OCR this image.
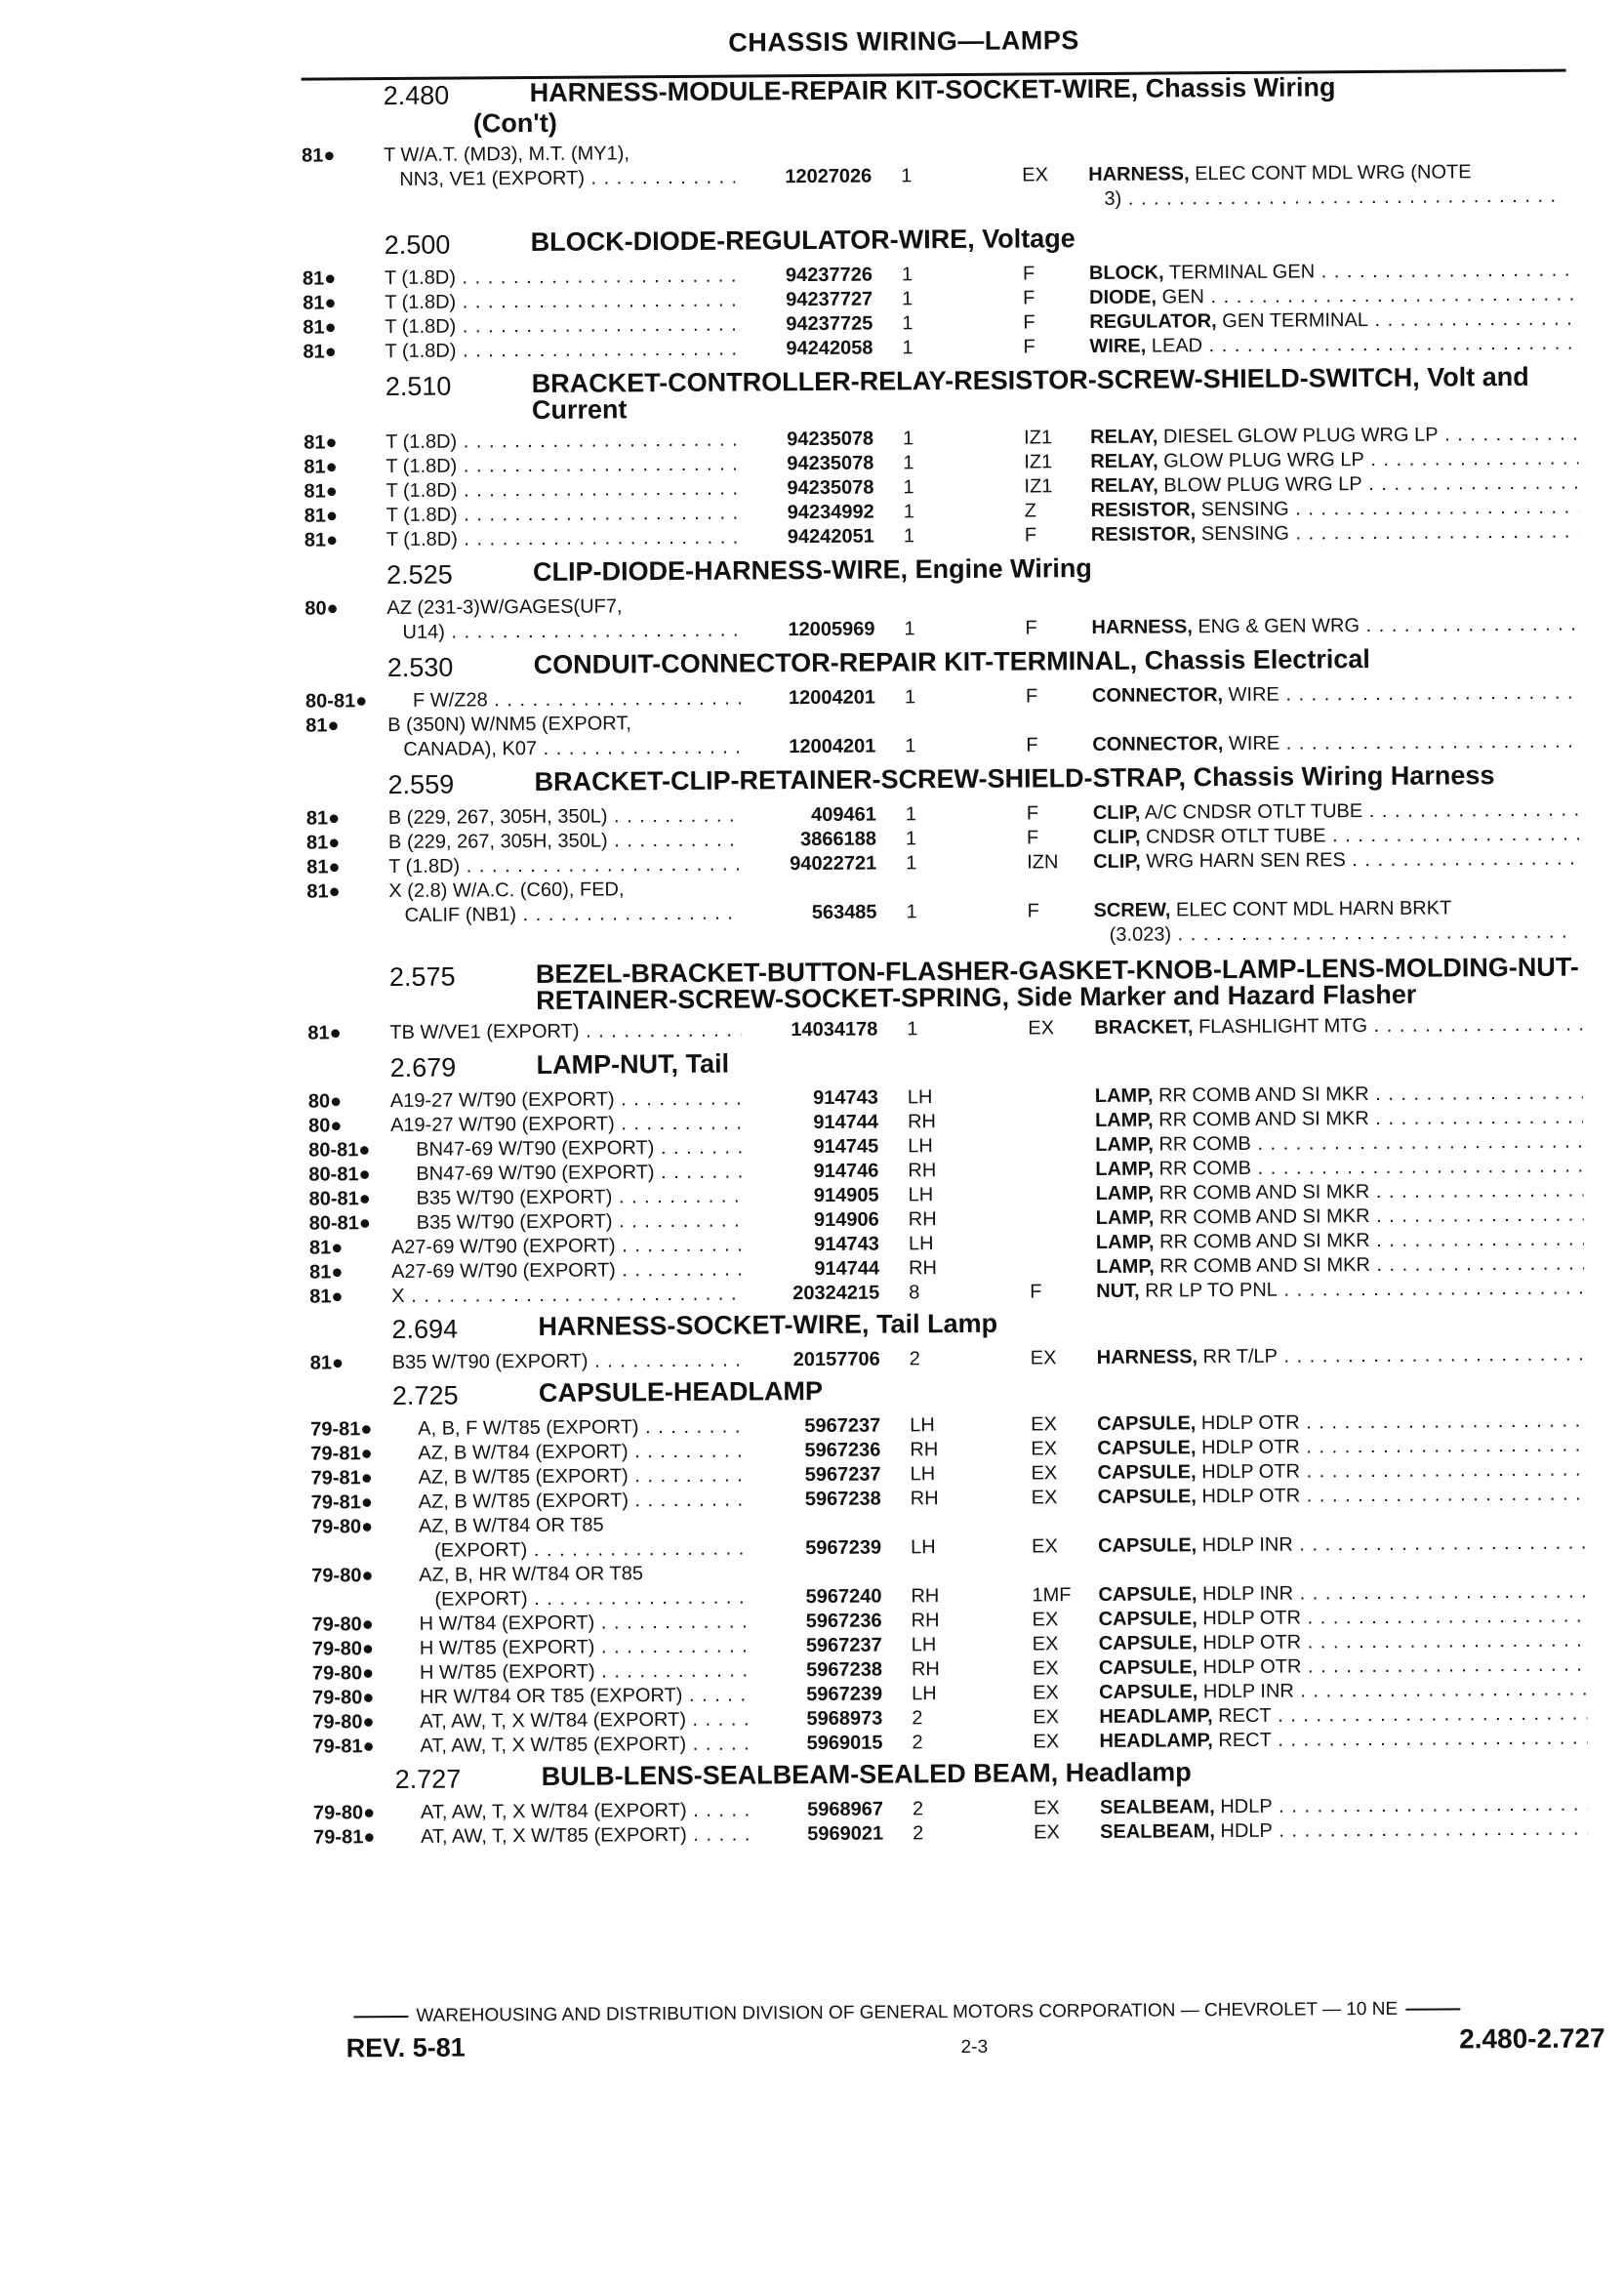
CHASSIS WIRING—LAMPS
2.480	HARNESS-MODULE-REPAIR KIT-SOCKET-WIRE, Chassis Wiring
(Con't)
81● T W/A.T. (MD3), M.T. (MY1),
NN3, VE1 (EXPORT) . . .	12027026 1	EX HARNESS, ELEC CONT MDL WRG (NOTE
3) . . .
2.500	BLOCK-DIODE-REGULATOR-WIRE, Voltage
81● T (1.8D) . . .	94237726 1	F	BLOCK, TERMINAL GEN . . .
81● T (1.8D) . . .	94237727 1	F	DIODE, GEN . . .
81● T (1.8D) . . .	94237725 1	F	REGULATOR, GEN TERMINAL . . .
81● T (1.8D) . . .	94242058 1	F	WIRE, LEAD . . .
2.510	BRACKET-CONTROLLER-RELAY-RESISTOR-SCREW-SHIELD-SWITCH, Volt and Current
81● T (1.8D) . . .	94235078 1	IZ1 RELAY, DIESEL GLOW PLUG WRG LP . . .
81● T (1.8D) . . .	94235078 1	IZ1 RELAY, GLOW PLUG WRG LP . . .
81● T (1.8D) . . .	94235078 1	IZ1 RELAY, BLOW PLUG WRG LP . . .
81● T (1.8D) . . .	94234992 1	Z	RESISTOR, SENSING . . .
81● T (1.8D) . . .	94242051 1	F	RESISTOR, SENSING . . .
2.525	CLIP-DIODE-HARNESS-WIRE, Engine Wiring
80● AZ (231-3)W/GAGES(UF7,
U14) . . .	12005969 1	F	HARNESS, ENG & GEN WRG . . .
2.530	CONDUIT-CONNECTOR-REPAIR KIT-TERMINAL, Chassis Electrical
80-81● F W/Z28 . . .	12004201 1	F	CONNECTOR, WIRE . . .
81● B (350N) W/NM5 (EXPORT,
CANADA), K07 . . .	12004201 1	F	CONNECTOR, WIRE . . .
2.559	BRACKET-CLIP-RETAINER-SCREW-SHIELD-STRAP, Chassis Wiring Harness
81● B (229, 267, 305H, 350L) . . .	409461 1	F	CLIP, A/C CNDSR OTLT TUBE . . .
81● B (229, 267, 305H, 350L) . . .	3866188 1	F	CLIP, CNDSR OTLT TUBE . . .
81● T (1.8D) . . .	94022721 1	IZN CLIP, WRG HARN SEN RES . . .
81● X (2.8) W/A.C. (C60), FED,
CALIF (NB1) . . .	563485 1	F	SCREW, ELEC CONT MDL HARN BRKT
(3.023) . . .
2.575	BEZEL-BRACKET-BUTTON-FLASHER-GASKET-KNOB-LAMP-LENS-MOLDING-NUT-RETAINER-SCREW-SOCKET-SPRING, Side Marker and Hazard Flasher
81● TB W/VE1 (EXPORT) . . .	14034178 1	EX BRACKET, FLASHLIGHT MTG . . .
2.679	LAMP-NUT, Tail
80● A19-27 W/T90 (EXPORT) . . .	914743 LH	LAMP, RR COMB AND SI MKR . . .
80● A19-27 W/T90 (EXPORT) . . .	914744 RH	LAMP, RR COMB AND SI MKR . . .
80-81● BN47-69 W/T90 (EXPORT) . . .	914745 LH	LAMP, RR COMB . . .
80-81● BN47-69 W/T90 (EXPORT) . . .	914746 RH	LAMP, RR COMB . . .
80-81● B35 W/T90 (EXPORT) . . .	914905 LH	LAMP, RR COMB AND SI MKR . . .
80-81● B35 W/T90 (EXPORT) . . .	914906 RH	LAMP, RR COMB AND SI MKR . . .
81● A27-69 W/T90 (EXPORT) . . .	914743 LH	LAMP, RR COMB AND SI MKR . . .
81● A27-69 W/T90 (EXPORT) . . .	914744 RH	LAMP, RR COMB AND SI MKR . . .
81● X . . .	20324215 8	F	NUT, RR LP TO PNL . . .
2.694	HARNESS-SOCKET-WIRE, Tail Lamp
81● B35 W/T90 (EXPORT) . . .	20157706 2	EX HARNESS, RR T/LP . . .
2.725	CAPSULE-HEADLAMP
79-81● A, B, F W/T85 (EXPORT) . . .	5967237 LH	EX CAPSULE, HDLP OTR . . .
79-81● AZ, B W/T84 (EXPORT) . . .	5967236 RH	EX CAPSULE, HDLP OTR . . .
79-81● AZ, B W/T85 (EXPORT) . . .	5967237 LH	EX CAPSULE, HDLP OTR . . .
79-81● AZ, B W/T85 (EXPORT) . . .	5967238 RH	EX CAPSULE, HDLP OTR . . .
79-80● AZ, B W/T84 OR T85
(EXPORT) . . .	5967239 LH	EX CAPSULE, HDLP INR . . .
79-80● AZ, B, HR W/T84 OR T85
(EXPORT) . . .	5967240 RH	1MF CAPSULE, HDLP INR . . .
79-80● H W/T84 (EXPORT) . . .	5967236 RH	EX CAPSULE, HDLP OTR . . .
79-80● H W/T85 (EXPORT) . . .	5967237 LH	EX CAPSULE, HDLP OTR . . .
79-80● H W/T85 (EXPORT) . . .	5967238 RH	EX CAPSULE, HDLP OTR . . .
79-80● HR W/T84 OR T85 (EXPORT) . . .	5967239 LH	EX CAPSULE, HDLP INR . . .
79-80● AT, AW, T, X W/T84 (EXPORT) . . .	5968973 2	EX HEADLAMP, RECT . . .
79-81● AT, AW, T, X W/T85 (EXPORT) . . .	5969015 2	EX HEADLAMP, RECT . . .
2.727	BULB-LENS-SEALBEAM-SEALED BEAM, Headlamp
79-80● AT, AW, T, X W/T84 (EXPORT) . . .	5968967 2	EX SEALBEAM, HDLP . . .
79-81● AT, AW, T, X W/T85 (EXPORT) . . .	5969021 2	EX SEALBEAM, HDLP . . .
WAREHOUSING AND DISTRIBUTION DIVISION OF GENERAL MOTORS CORPORATION — CHEVROLET — 10 NE
REV. 5-81	2-3	2.480-2.727
